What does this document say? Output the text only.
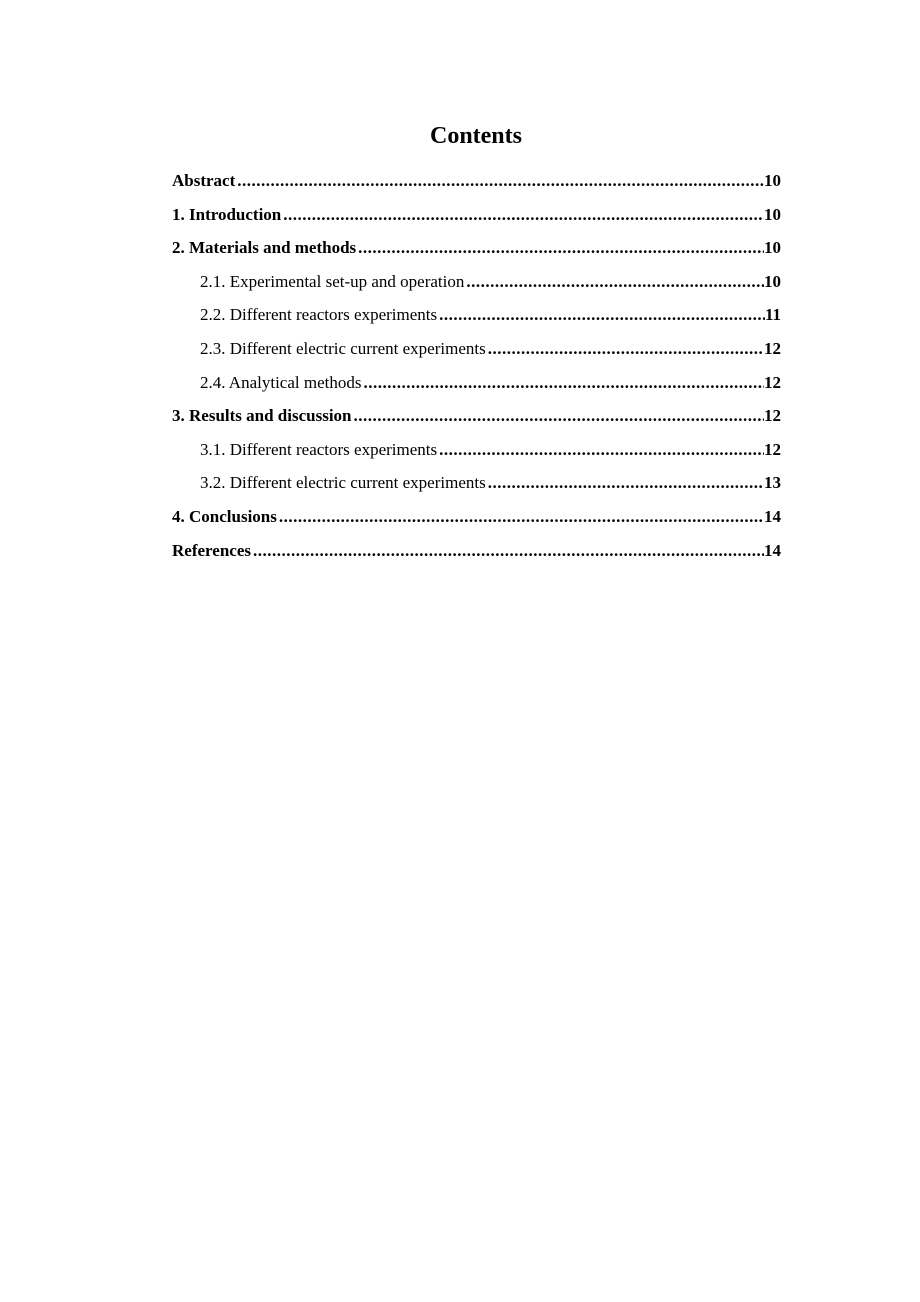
Contents
Abstract .....	10
1. Introduction .....	10
2. Materials and methods .....	10
2.1. Experimental set-up and operation .....	10
2.2. Different reactors experiments .....	11
2.3. Different electric current experiments .....	12
2.4. Analytical methods .....	12
3. Results and discussion .....	12
3.1. Different reactors experiments .....	12
3.2. Different electric current experiments .....	13
4. Conclusions .....	14
References .....	14
